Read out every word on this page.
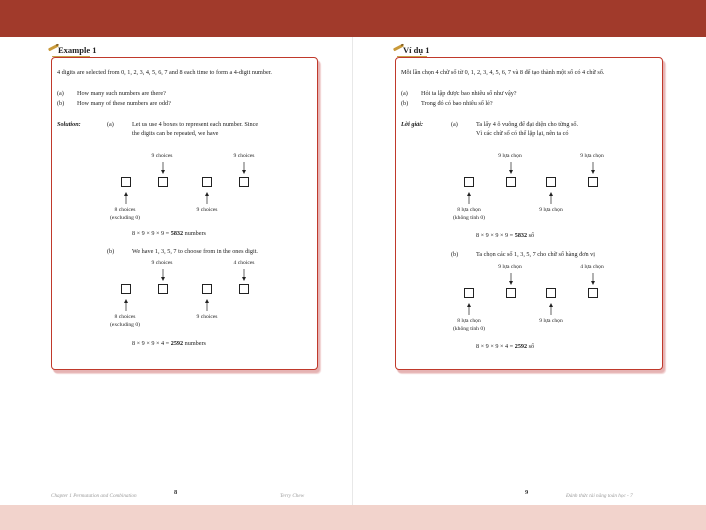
Example 1
4 digits are selected from 0, 1, 2, 3, 4, 5, 6, 7 and 8 each time to form a 4-digit number.
(a) How many such numbers are there?
(b) How many of these numbers are odd?
Solution:	(a)	Let us use 4 boxes to represent each number. Since
the digits can be repeated, we have
9 choices	9 choices
8 choices
(excluding 0)
9 choices
8 × 9 × 9 × 9 = 5832 numbers
(b)	We have 1, 3, 5, 7 to choose from in the ones digit.
9 choices	4 choices
8 choices
(excluding 0)
9 choices
8 × 9 × 9 × 4 = 2592 numbers
Chapter 1 Permutation and Combination	8	Terry Chew
Ví dụ 1
Mỗi lần chọn 4 chữ số từ 0, 1, 2, 3, 4, 5, 6, 7 và 8 để tạo thành một số có 4 chữ số.
(a) Hỏi ta lập được bao nhiêu số như vậy?
(b) Trong đó có bao nhiêu số lẻ?
Lời giải:	(a)	Ta lấy 4 ô vuông để đại diện cho từng số.
Vì các chữ số có thể lặp lại, nên ta có
9 lựa chọn	9 lựa chọn
8 lựa chọn
(không tính 0)
9 lựa chọn
8 × 9 × 9 × 9 = 5832 số
(b)	Ta chọn các số 1, 3, 5, 7 cho chữ số hàng đơn vị
9 lựa chọn	4 lựa chọn
8 lựa chọn
(không tính 0)
9 lựa chọn
8 × 9 × 9 × 4 = 2592 số
9	Đánh thức tài năng toán học - 7
